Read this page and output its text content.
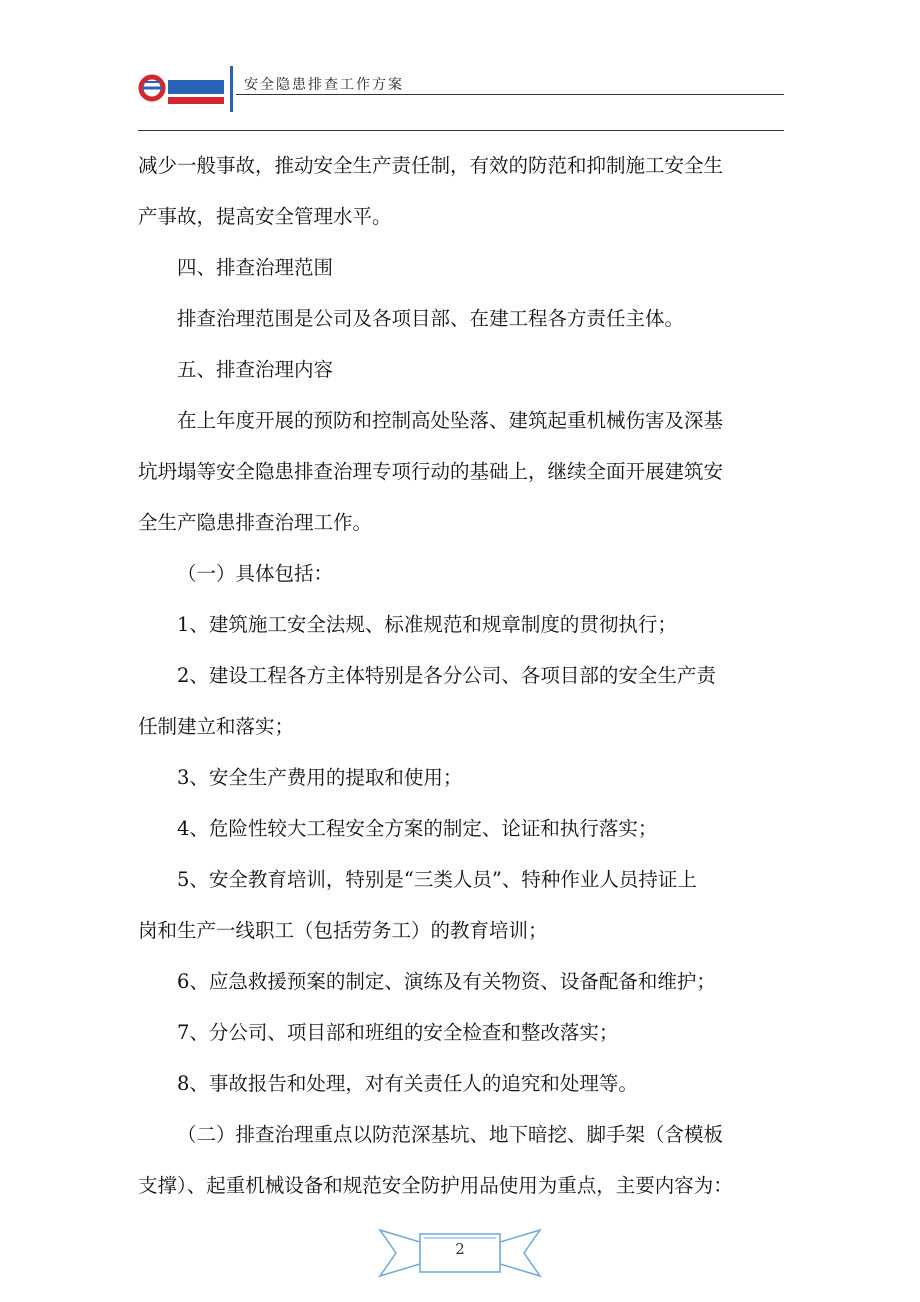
安全隐患排查工作方案
减少一般事故，推动安全生产责任制，有效的防范和抑制施工安全生
产事故，提高安全管理水平。
四、排查治理范围
排查治理范围是公司及各项目部、在建工程各方责任主体。
五、排查治理内容
在上年度开展的预防和控制高处坠落、建筑起重机械伤害及深基
坑坍塌等安全隐患排查治理专项行动的基础上，继续全面开展建筑安
全生产隐患排查治理工作。
（一）具体包括：
1、建筑施工安全法规、标准规范和规章制度的贯彻执行；
2、建设工程各方主体特别是各分公司、各项目部的安全生产责
任制建立和落实；
3、安全生产费用的提取和使用；
4、危险性较大工程安全方案的制定、论证和执行落实；
5、安全教育培训，特别是“三类人员”、特种作业人员持证上
岗和生产一线职工（包括劳务工）的教育培训；
6、应急救援预案的制定、演练及有关物资、设备配备和维护；
7、分公司、项目部和班组的安全检查和整改落实；
8、事故报告和处理，对有关责任人的追究和处理等。
（二）排查治理重点以防范深基坑、地下暗挖、脚手架（含模板
支撑）、起重机械设备和规范安全防护用品使用为重点，主要内容为：
2
